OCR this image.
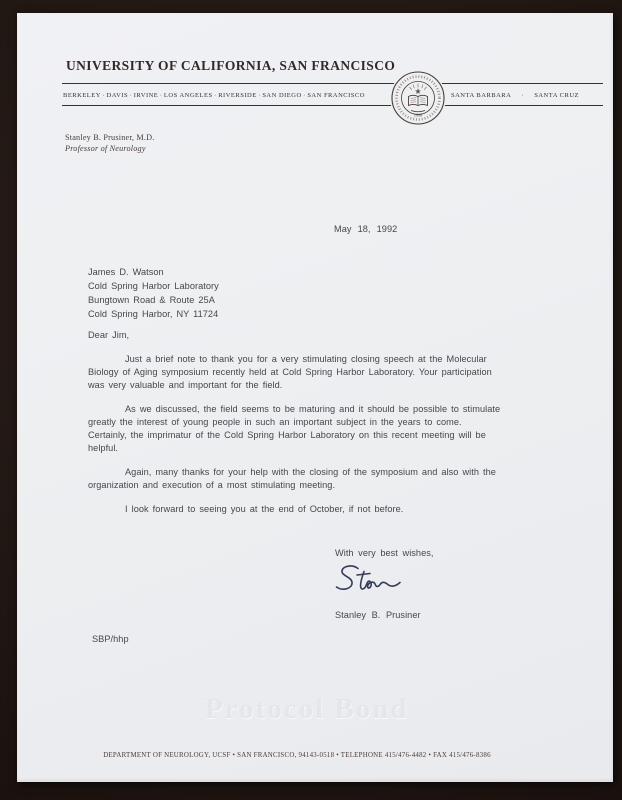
UNIVERSITY OF CALIFORNIA, SAN FRANCISCO
BERKELEY · DAVIS · IRVINE · LOS ANGELES · RIVERSIDE · SAN DIEGO · SAN FRANCISCO	SANTA BARBARA · SANTA CRUZ
1868
Stanley B. Prusiner, M.D.
Professor of Neurology
May 18, 1992
James D. Watson
Cold Spring Harbor Laboratory
Bungtown Road & Route 25A
Cold Spring Harbor, NY 11724
Dear Jim,
Just a brief note to thank you for a very stimulating closing speech at the Molecular
Biology of Aging symposium recently held at Cold Spring Harbor Laboratory. Your participation
was very valuable and important for the field.
As we discussed, the field seems to be maturing and it should be possible to stimulate
greatly the interest of young people in such an important subject in the years to come.
Certainly, the imprimatur of the Cold Spring Harbor Laboratory on this recent meeting will be
helpful.
Again, many thanks for your help with the closing of the symposium and also with the
organization and execution of a most stimulating meeting.
I look forward to seeing you at the end of October, if not before.
With very best wishes,
Stanley B. Prusiner
SBP/hhp
Protocol Bond
DEPARTMENT OF NEUROLOGY, UCSF • SAN FRANCISCO, 94143-0518 • TELEPHONE 415/476-4482 • FAX 415/476-8386
